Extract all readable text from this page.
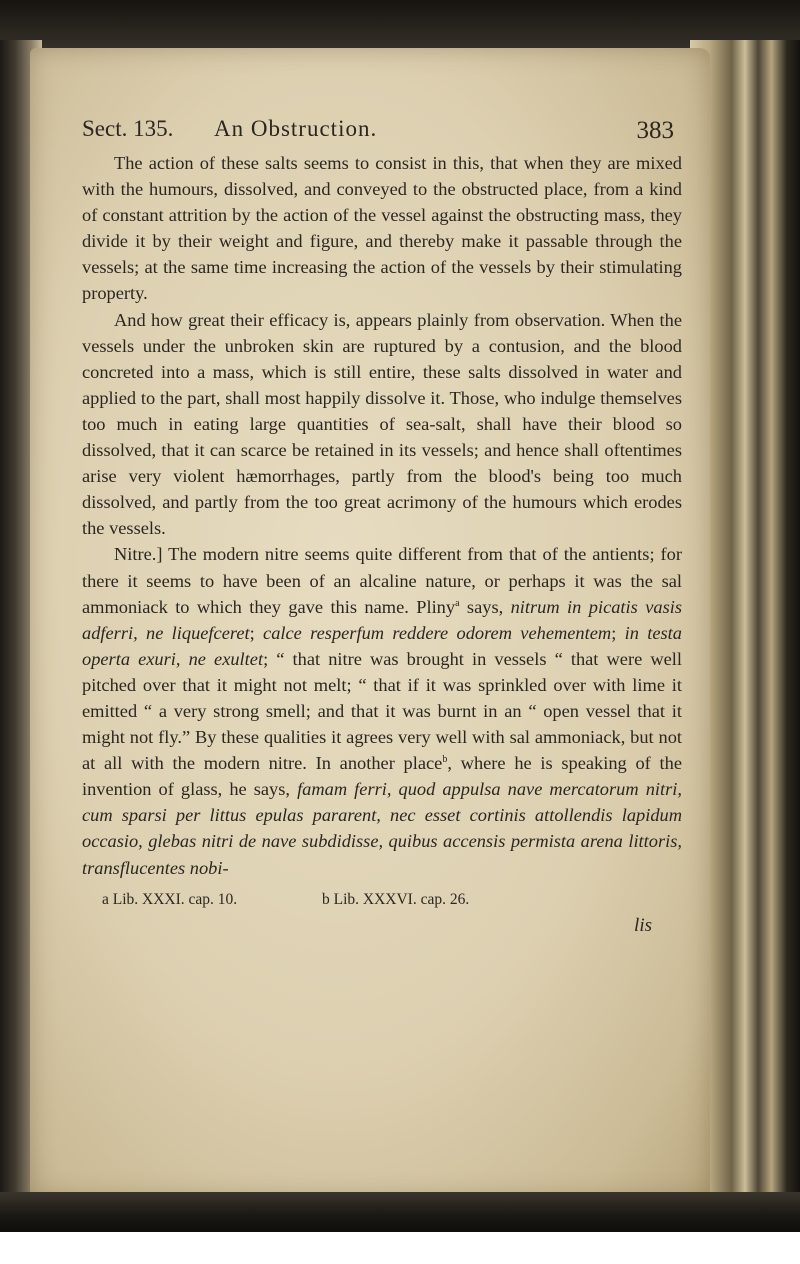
Sect. 135. An Obstruction.	383

The action of these salts seems to consist in this, that when they are mixed with the humours, dissolved, and conveyed to the obstructed place, from a kind of constant attrition by the action of the vessel against the obstructing mass, they divide it by their weight and figure, and thereby make it passable through the vessels; at the same time increasing the action of the vessels by their stimulating property.

And how great their efficacy is, appears plainly from observation. When the vessels under the unbroken skin are ruptured by a contusion, and the blood concreted into a mass, which is still entire, these salts dissolved in water and applied to the part, shall most happily dissolve it. Those, who indulge themselves too much in eating large quantities of sea-salt, shall have their blood so dissolved, that it can scarce be retained in its vessels; and hence shall oftentimes arise very violent hæmorrhages, partly from the blood's being too much dissolved, and partly from the too great acrimony of the humours which erodes the vessels.

Nitre.] The modern nitre seems quite different from that of the antients; for there it seems to have been of an alcaline nature, or perhaps it was the sal ammoniack to which they gave this name. Pliny$^a$ says, nitrum in picatis vasis adferri, ne liquefceret; calce resperfum reddere odorem vehementem; in testa operta exuri, ne exultet; “ that nitre was brought in vessels “ that were well pitched over that it might not melt; “ that if it was sprinkled over with lime it emitted “ a very strong smell; and that it was burnt in an “ open vessel that it might not fly.” By these qualities it agrees very well with sal ammoniack, but not at all with the modern nitre. In another place$^b$, where he is speaking of the invention of glass, he says, famam ferri, quod appulsa nave mercatorum nitri, cum sparsi per littus epulas pararent, nec esset cortinis attollendis lapidum occasio, glebas nitri de nave subdidisse, quibus accensis permista arena littoris, transflucentes nobi-

a Lib. XXXI. cap. 10.	b Lib. XXXVI. cap. 26.
lis
